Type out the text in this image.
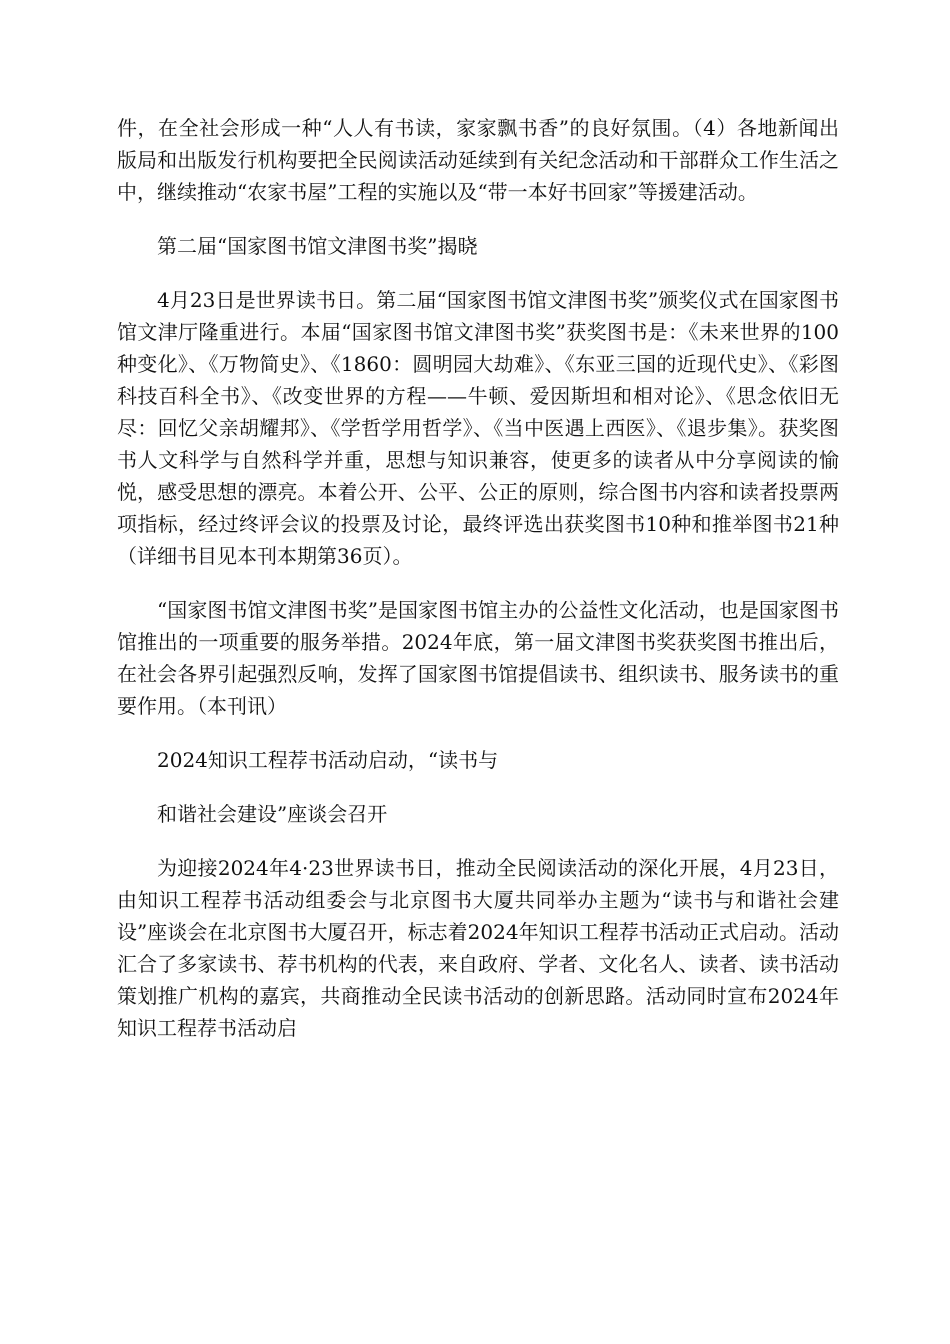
件，在全社会形成一种“人人有书读，家家飘书香”的良好氛围。（4）各地新闻出版局和出版发行机构要把全民阅读活动延续到有关纪念活动和干部群众工作生活之中，继续推动“农家书屋”工程的实施以及“带一本好书回家”等援建活动。

第二届“国家图书馆文津图书奖”揭晓

4月23日是世界读书日。第二届“国家图书馆文津图书奖”颁奖仪式在国家图书馆文津厅隆重进行。本届“国家图书馆文津图书奖”获奖图书是：《未来世界的100种变化》、《万物简史》、《1860：圆明园大劫难》、《东亚三国的近现代史》、《彩图科技百科全书》、《改变世界的方程——牛顿、爱因斯坦和相对论》、《思念依旧无尽：回忆父亲胡耀邦》、《学哲学用哲学》、《当中医遇上西医》、《退步集》。获奖图书人文科学与自然科学并重，思想与知识兼容，使更多的读者从中分享阅读的愉悦，感受思想的漂亮。本着公开、公平、公正的原则，综合图书内容和读者投票两项指标，经过终评会议的投票及讨论，最终评选出获奖图书10种和推举图书21种（详细书目见本刊本期第36页）。

“国家图书馆文津图书奖”是国家图书馆主办的公益性文化活动，也是国家图书馆推出的一项重要的服务举措。2024年底，第一届文津图书奖获奖图书推出后，在社会各界引起强烈反响，发挥了国家图书馆提倡读书、组织读书、服务读书的重要作用。（本刊讯）

2024知识工程荐书活动启动，“读书与

和谐社会建设”座谈会召开

为迎接2024年4·23世界读书日，推动全民阅读活动的深化开展，4月23日，由知识工程荐书活动组委会与北京图书大厦共同举办主题为“读书与和谐社会建设”座谈会在北京图书大厦召开，标志着2024年知识工程荐书活动正式启动。活动汇合了多家读书、荐书机构的代表，来自政府、学者、文化名人、读者、读书活动策划推广机构的嘉宾，共商推动全民读书活动的创新思路。活动同时宣布2024年知识工程荐书活动启
